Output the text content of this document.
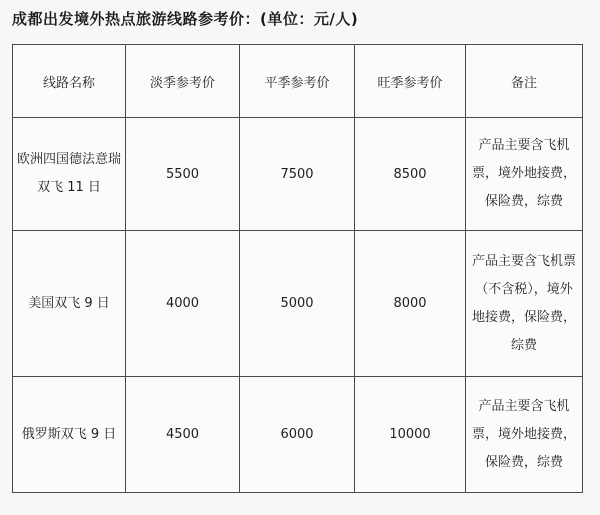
成都出发境外热点旅游线路参考价：(单位：元/人)
线路名称	淡季参考价	平季参考价	旺季参考价	备注
欧洲四国德法意瑞双飞 11 日	5500	7500	8500	产品主要含飞机票，境外地接费，保险费，综费
美国双飞 9 日	4000	5000	8000	产品主要含飞机票（不含税），境外地接费，保险费，综费
俄罗斯双飞 9 日	4500	6000	10000	产品主要含飞机票，境外地接费，保险费，综费
